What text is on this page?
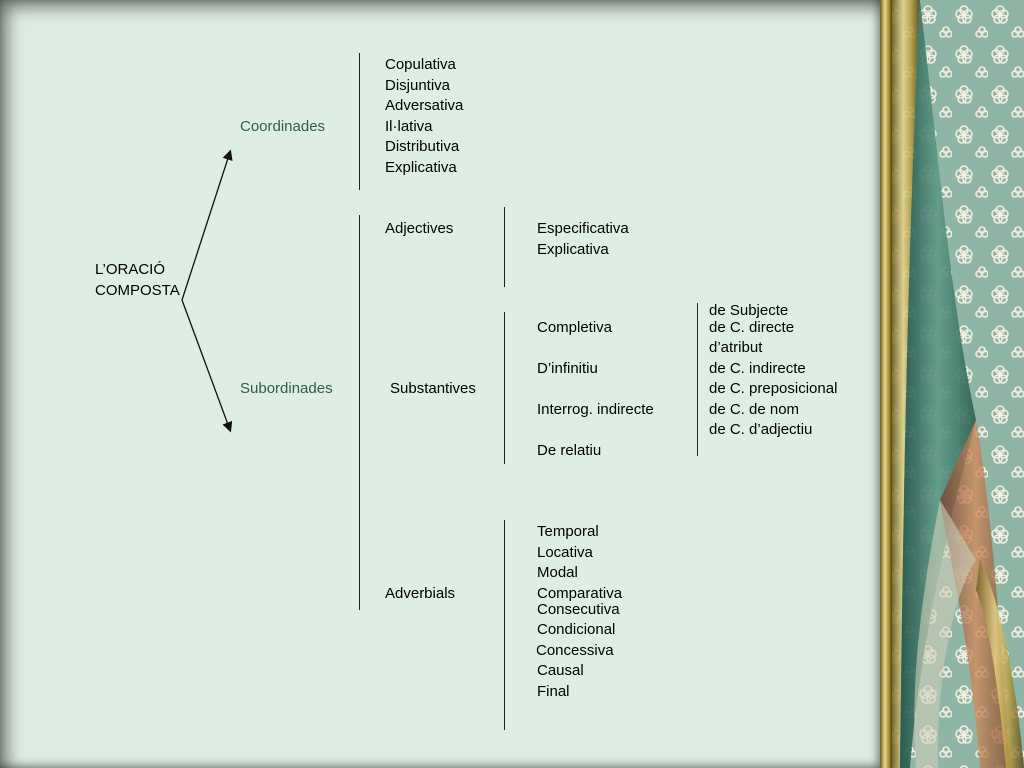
L’ORACIÓ
COMPOSTA
Coordinades
Copulativa
Disjuntiva
Adversativa
Il·lativa
Distributiva
Explicativa
Subordinades
Adjectives	Especificativa
Explicativa
Substantives
Completiva
D’infinitiu
Interrog. indirecte
De relatiu
de Subjecte
de C. directe
d’atribut
de C. indirecte
de C. preposicional
de C. de nom
de C. d’adjectiu
Adverbials
Temporal
Locativa
Modal
Comparativa
Consecutiva
Condicional
Concessiva
Causal
Final
